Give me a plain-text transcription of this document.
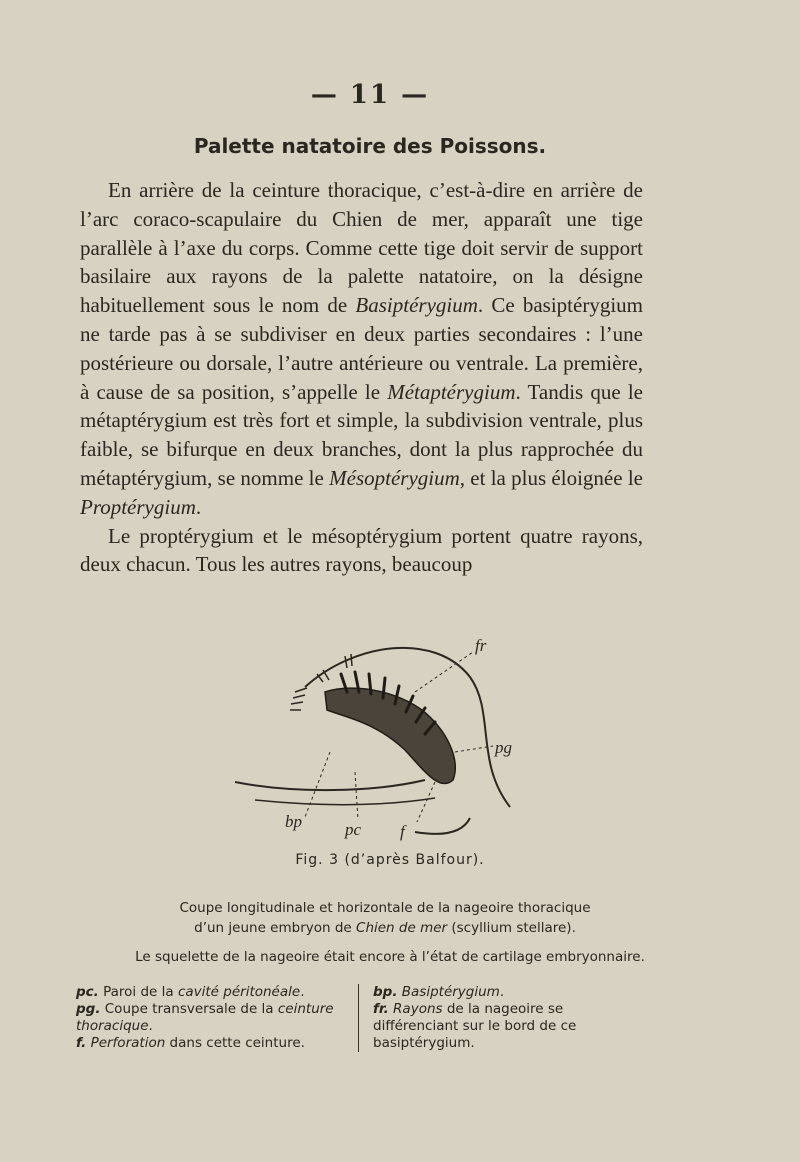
— 11 —
Palette natatoire des Poissons.

En arrière de la ceinture thoracique, c’est-à-dire en arrière de l’arc coraco-scapulaire du Chien de mer, apparaît une tige parallèle à l’axe du corps. Comme cette tige doit servir de support basilaire aux rayons de la palette natatoire, on la désigne habituellement sous le nom de Basiptérygium. Ce basiptérygium ne tarde pas à se subdiviser en deux parties secondaires : l’une postérieure ou dorsale, l’autre antérieure ou ventrale. La première, à cause de sa position, s’appelle le Métaptérygium. Tandis que le métaptérygium est très fort et simple, la subdivision ventrale, plus faible, se bifurque en deux branches, dont la plus rapprochée du métaptérygium, se nomme le Mésoptérygium, et la plus éloignée le Proptérygium.

Le proptérygium et le mésoptérygium portent quatre rayons, deux chacun. Tous les autres rayons, beaucoup

fr
pg
bp	pc f
Fig. 3 (d’après Balfour).
Coupe longitudinale et horizontale de la nageoire thoracique
d’un jeune embryon de Chien de mer (scyllium stellare).
Le squelette de la nageoire était encore à l’état de cartilage embryonnaire.

pc. Paroi de la cavité péritonéale.

pg. Coupe transversale de la ceinture thoracique.

f. Perforation dans cette ceinture.

bp. Basiptérygium.

fr. Rayons de la nageoire se différenciant sur le bord de ce basiptérygium.
